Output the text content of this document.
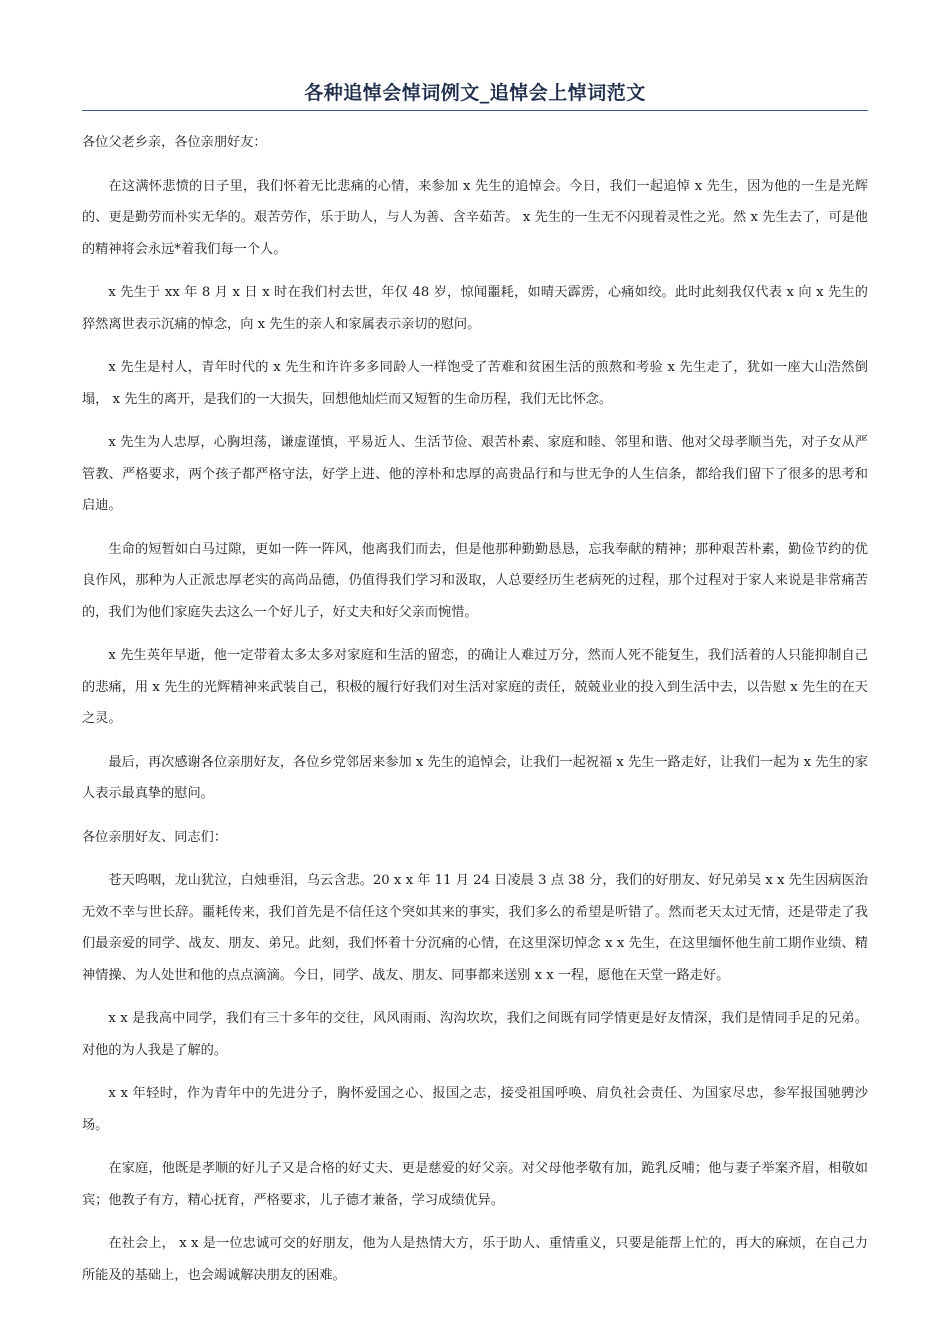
各种追悼会悼词例文_追悼会上悼词范文

各位父老乡亲，各位亲朋好友：

在这满怀悲愤的日子里，我们怀着无比悲痛的心情，来参加 x 先生的追悼会。今日，我们一起追悼 x 先生，因为他的一生是光辉的、更是勤劳而朴实无华的。艰苦劳作，乐于助人，与人为善、含辛茹苦。 x 先生的一生无不闪现着灵性之光。然 x 先生去了，可是他的精神将会永远*着我们每一个人。

x 先生于 xx 年 8 月 x 日 x 时在我们村去世，年仅 48 岁，惊闻噩耗，如晴天霹雳，心痛如绞。此时此刻我仅代表 x 向 x 先生的猝然离世表示沉痛的悼念，向 x 先生的亲人和家属表示亲切的慰问。

x 先生是村人，青年时代的 x 先生和许许多多同龄人一样饱受了苦难和贫困生活的煎熬和考验 x 先生走了，犹如一座大山浩然倒塌， x 先生的离开，是我们的一大损失，回想他灿烂而又短暂的生命历程，我们无比怀念。

x 先生为人忠厚，心胸坦荡，谦虚谨慎，平易近人、生活节俭、艰苦朴素、家庭和睦、邻里和谐、他对父母孝顺当先，对子女从严管教、严格要求，两个孩子都严格守法，好学上进、他的淳朴和忠厚的高贵品行和与世无争的人生信条，都给我们留下了很多的思考和启迪。

生命的短暂如白马过隙，更如一阵一阵风，他离我们而去，但是他那种勤勤恳恳，忘我奉献的精神；那种艰苦朴素，勤俭节约的优良作风，那种为人正派忠厚老实的高尚品德，仍值得我们学习和汲取，人总要经历生老病死的过程，那个过程对于家人来说是非常痛苦的，我们为他们家庭失去这么一个好儿子，好丈夫和好父亲而惋惜。

x 先生英年早逝，他一定带着太多太多对家庭和生活的留恋，的确让人难过万分，然而人死不能复生，我们活着的人只能抑制自己的悲痛，用 x 先生的光辉精神来武装自己，积极的履行好我们对生活对家庭的责任，兢兢业业的投入到生活中去，以告慰 x 先生的在天之灵。

最后，再次感谢各位亲朋好友，各位乡党邻居来参加 x 先生的追悼会，让我们一起祝福 x 先生一路走好，让我们一起为 x 先生的家人表示最真挚的慰问。

各位亲朋好友、同志们：

苍天呜咽，龙山犹泣，白烛垂泪，乌云含悲。20 x x 年 11 月 24 日凌晨 3 点 38 分，我们的好朋友、好兄弟吴 x x 先生因病医治无效不幸与世长辞。噩耗传来，我们首先是不信任这个突如其来的事实，我们多么的希望是听错了。然而老天太过无情，还是带走了我们最亲爱的同学、战友、朋友、弟兄。此刻，我们怀着十分沉痛的心情，在这里深切悼念 x x 先生，在这里缅怀他生前工期作业绩、精神情操、为人处世和他的点点滴滴。今日，同学、战友、朋友、同事都来送别 x x 一程，愿他在天堂一路走好。

x x 是我高中同学，我们有三十多年的交往，风风雨雨、沟沟坎坎，我们之间既有同学情更是好友情深，我们是情同手足的兄弟。对他的为人我是了解的。

x x 年轻时，作为青年中的先进分子，胸怀爱国之心、报国之志，接受祖国呼唤、肩负社会责任、为国家尽忠，参军报国驰骋沙场。

在家庭，他既是孝顺的好儿子又是合格的好丈夫、更是慈爱的好父亲。对父母他孝敬有加，跪乳反哺；他与妻子举案齐眉，相敬如宾；他教子有方，精心抚育，严格要求，儿子德才兼备，学习成绩优异。

在社会上， x x 是一位忠诚可交的好朋友，他为人是热情大方，乐于助人、重情重义，只要是能帮上忙的，再大的麻烦，在自己力所能及的基础上，也会竭诚解决朋友的困难。
